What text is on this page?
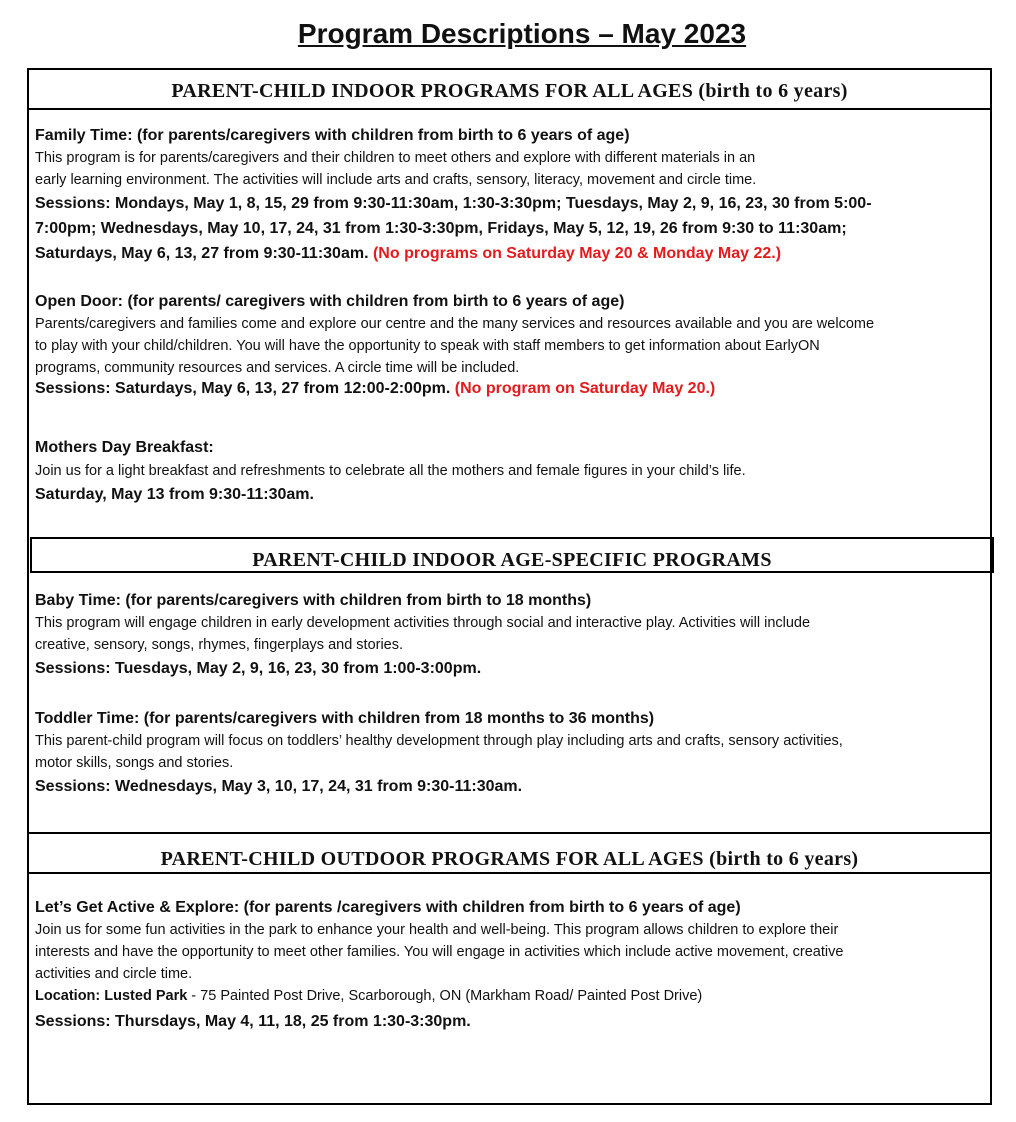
Program Descriptions – May 2023
PARENT-CHILD INDOOR PROGRAMS FOR ALL AGES (birth to 6 years)
Family Time: (for parents/caregivers with children from birth to 6 years of age)
This program is for parents/caregivers and their children to meet others and explore with different materials in an
early learning environment. The activities will include arts and crafts, sensory, literacy, movement and circle time.
Sessions: Mondays, May 1, 8, 15, 29 from 9:30-11:30am, 1:30-3:30pm; Tuesdays, May 2, 9, 16, 23, 30 from 5:00-
7:00pm; Wednesdays, May 10, 17, 24, 31 from 1:30-3:30pm, Fridays, May 5, 12, 19, 26 from 9:30 to 11:30am;
Saturdays, May 6, 13, 27 from 9:30-11:30am. (No programs on Saturday May 20 & Monday May 22.)
Open Door: (for parents/ caregivers with children from birth to 6 years of age)
Parents/caregivers and families come and explore our centre and the many services and resources available and you are welcome
to play with your child/children. You will have the opportunity to speak with staff members to get information about EarlyON
programs, community resources and services. A circle time will be included.
Sessions: Saturdays, May 6, 13, 27 from 12:00-2:00pm. (No program on Saturday May 20.)
Mothers Day Breakfast:
Join us for a light breakfast and refreshments to celebrate all the mothers and female figures in your child’s life.
Saturday, May 13 from 9:30-11:30am.
PARENT-CHILD INDOOR AGE-SPECIFIC PROGRAMS
Baby Time: (for parents/caregivers with children from birth to 18 months)
This program will engage children in early development activities through social and interactive play. Activities will include
creative, sensory, songs, rhymes, fingerplays and stories.
Sessions: Tuesdays, May 2, 9, 16, 23, 30 from 1:00-3:00pm.
Toddler Time: (for parents/caregivers with children from 18 months to 36 months)
This parent-child program will focus on toddlers’ healthy development through play including arts and crafts, sensory activities,
motor skills, songs and stories.
Sessions: Wednesdays, May 3, 10, 17, 24, 31 from 9:30-11:30am.
PARENT-CHILD OUTDOOR PROGRAMS FOR ALL AGES (birth to 6 years)
Let’s Get Active & Explore: (for parents /caregivers with children from birth to 6 years of age)
Join us for some fun activities in the park to enhance your health and well-being. This program allows children to explore their
interests and have the opportunity to meet other families. You will engage in activities which include active movement, creative
activities and circle time.
Location: Lusted Park - 75 Painted Post Drive, Scarborough, ON (Markham Road/ Painted Post Drive)
Sessions: Thursdays, May 4, 11, 18, 25 from 1:30-3:30pm.
